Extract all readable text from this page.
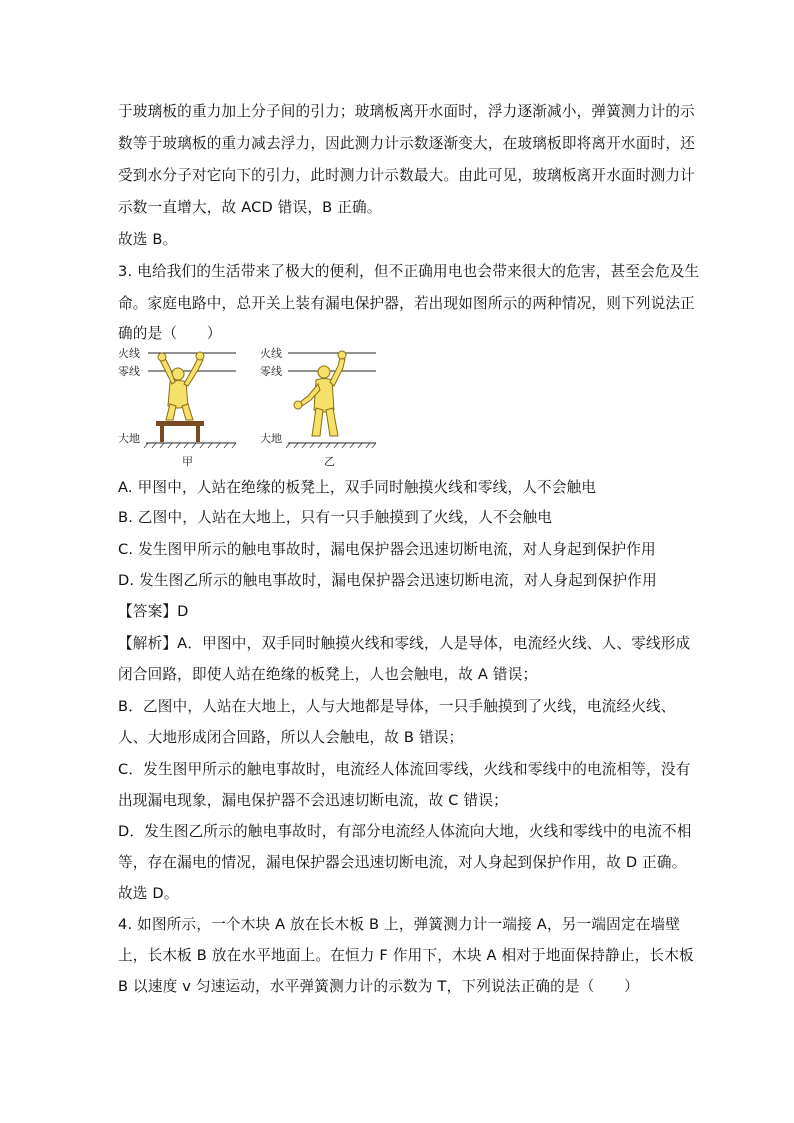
于玻璃板的重力加上分子间的引力；玻璃板离开水面时，浮力逐渐减小，弹簧测力计的示
数等于玻璃板的重力减去浮力，因此测力计示数逐渐变大，在玻璃板即将离开水面时，还
受到水分子对它向下的引力，此时测力计示数最大。由此可见，玻璃板离开水面时测力计
示数一直增大，故 ACD 错误，B 正确。
故选 B。
3. 电给我们的生活带来了极大的便利，但不正确用电也会带来很大的危害，甚至会危及生
命。家庭电路中，总开关上装有漏电保护器，若出现如图所示的两种情况，则下列说法正
确的是（　　）
火线
零线
大地
甲
火线
零线
大地
乙
A. 甲图中，人站在绝缘的板凳上，双手同时触摸火线和零线，人不会触电
B. 乙图中，人站在大地上，只有一只手触摸到了火线，人不会触电
C. 发生图甲所示的触电事故时，漏电保护器会迅速切断电流，对人身起到保护作用
D. 发生图乙所示的触电事故时，漏电保护器会迅速切断电流，对人身起到保护作用
【答案】D
【解析】A．甲图中，双手同时触摸火线和零线，人是导体，电流经火线、人、零线形成
闭合回路，即使人站在绝缘的板凳上，人也会触电，故 A 错误；
B．乙图中，人站在大地上，人与大地都是导体，一只手触摸到了火线，电流经火线、
人、大地形成闭合回路，所以人会触电，故 B 错误；
C．发生图甲所示的触电事故时，电流经人体流回零线，火线和零线中的电流相等，没有
出现漏电现象，漏电保护器不会迅速切断电流，故 C 错误；
D．发生图乙所示的触电事故时，有部分电流经人体流向大地，火线和零线中的电流不相
等，存在漏电的情况，漏电保护器会迅速切断电流，对人身起到保护作用，故 D 正确。
故选 D。
4. 如图所示，一个木块 A 放在长木板 B 上，弹簧测力计一端接 A，另一端固定在墙壁
上，长木板 B 放在水平地面上。在恒力 F 作用下，木块 A 相对于地面保持静止，长木板
B 以速度 v 匀速运动，水平弹簧测力计的示数为 T，下列说法正确的是（　　）
